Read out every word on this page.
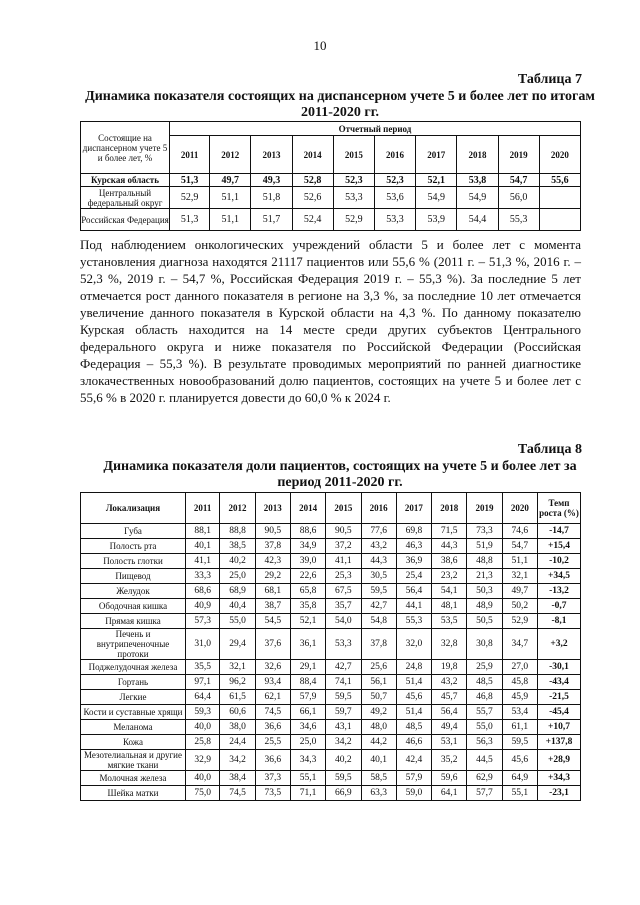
10
Таблица 7
Динамика показателя состоящих на диспансерном учете 5 и более лет по итогам 2011-2020 гг.
Состоящие на диспансерном учете 5 и более лет, %	Отчетный период									
	2011	2012	2013	2014	2015	2016	2017	2018	2019	2020
Курская область	51,3	49,7	49,3	52,8	52,3	52,3	52,1	53,8	54,7	55,6
Центральный федеральный округ	52,9	51,1	51,8	52,6	53,3	53,6	54,9	54,9	56,0	
Российская Федерация	51,3	51,1	51,7	52,4	52,9	53,3	53,9	54,4	55,3	

Под наблюдением онкологических учреждений области 5 и более лет с момента установления диагноза находятся 21117 пациентов или 55,6 % (2011 г. – 51,3 %, 2016 г. – 52,3 %, 2019 г. – 54,7 %, Российская Федерация 2019 г. – 55,3 %). За последние 5 лет отмечается рост данного показателя в регионе на 3,3 %, за последние 10 лет отмечается увеличение данного показателя в Курской области на 4,3 %. По данному показателю Курская область находится на 14 месте среди других субъектов Центрального федерального округа и ниже показателя по Российской Федерации (Российская Федерация – 55,3 %). В результате проводимых мероприятий по ранней диагностике злокачественных новообразований долю пациентов, состоящих на учете 5 и более лет с 55,6 % в 2020 г. планируется довести до 60,0 % к 2024 г.

Таблица 8
Динамика показателя доли пациентов, состоящих на учете 5 и более лет за период 2011-2020 гг.
Локализация	2011	2012	2013	2014	2015	2016	2017	2018	2019	2020	Темп роста (%)
Губа	88,1	88,8	90,5	88,6	90,5	77,6	69,8	71,5	73,3	74,6	-14,7
Полость рта	40,1	38,5	37,8	34,9	37,2	43,2	46,3	44,3	51,9	54,7	+15,4
Полость глотки	41,1	40,2	42,3	39,0	41,1	44,3	36,9	38,6	48,8	51,1	-10,2
Пищевод	33,3	25,0	29,2	22,6	25,3	30,5	25,4	23,2	21,3	32,1	+34,5
Желудок	68,6	68,9	68,1	65,8	67,5	59,5	56,4	54,1	50,3	49,7	-13,2
Ободочная кишка	40,9	40,4	38,7	35,8	35,7	42,7	44,1	48,1	48,9	50,2	-0,7
Прямая кишка	57,3	55,0	54,5	52,1	54,0	54,8	55,3	53,5	50,5	52,9	-8,1
Печень и внутрипеченочные протоки	31,0	29,4	37,6	36,1	53,3	37,8	32,0	32,8	30,8	34,7	+3,2
Поджелудочная железа	35,5	32,1	32,6	29,1	42,7	25,6	24,8	19,8	25,9	27,0	-30,1
Гортань	97,1	96,2	93,4	88,4	74,1	56,1	51,4	43,2	48,5	45,8	-43,4
Легкие	64,4	61,5	62,1	57,9	59,5	50,7	45,6	45,7	46,8	45,9	-21,5
Кости и суставные хрящи	59,3	60,6	74,5	66,1	59,7	49,2	51,4	56,4	55,7	53,4	-45,4
Меланома	40,0	38,0	36,6	34,6	43,1	48,0	48,5	49,4	55,0	61,1	+10,7
Кожа	25,8	24,4	25,5	25,0	34,2	44,2	46,6	53,1	56,3	59,5	+137,8
Мезотелиальная и другие мягкие ткани	32,9	34,2	36,6	34,3	40,2	40,1	42,4	35,2	44,5	45,6	+28,9
Молочная железа	40,0	38,4	37,3	55,1	59,5	58,5	57,9	59,6	62,9	64,9	+34,3
Шейка матки	75,0	74,5	73,5	71,1	66,9	63,3	59,0	64,1	57,7	55,1	-23,1
